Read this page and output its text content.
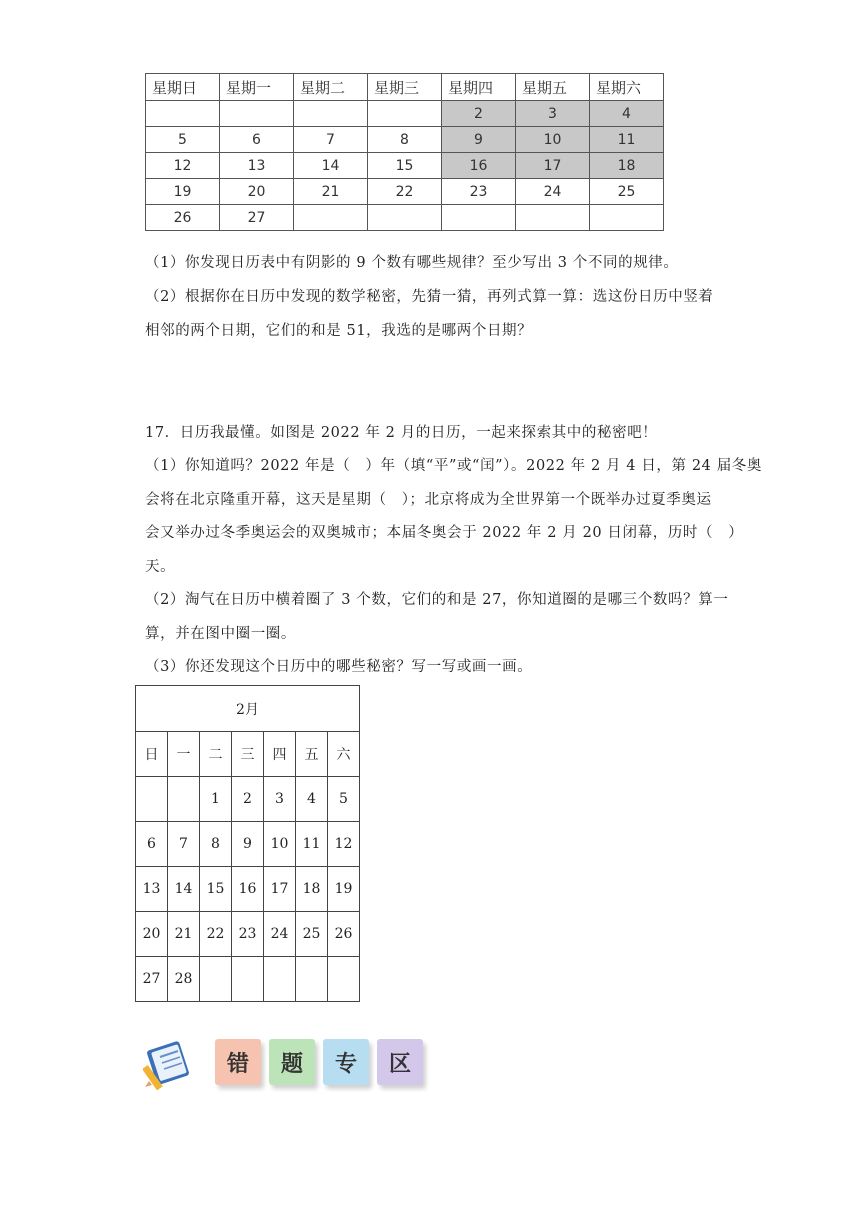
星期日	星期一	星期二	星期三	星期四	星期五	星期六
				2	3	4
5	6	7	8	9	10	11
12	13	14	15	16	17	18
19	20	21	22	23	24	25
26	27					
（1）你发现日历表中有阴影的 9 个数有哪些规律？至少写出 3 个不同的规律。
（2）根据你在日历中发现的数学秘密，先猜一猜，再列式算一算：选这份日历中竖着
相邻的两个日期，它们的和是 51，我选的是哪两个日期？
17．日历我最懂。如图是 2022 年 2 月的日历，一起来探索其中的秘密吧！
（1）你知道吗？2022 年是（　）年（填“平”或“闰”）。2022 年 2 月 4 日，第 24 届冬奥
会将在北京隆重开幕，这天是星期（　）；北京将成为全世界第一个既举办过夏季奥运
会又举办过冬季奥运会的双奥城市；本届冬奥会于 2022 年 2 月 20 日闭幕，历时（　）
天。
（2）淘气在日历中横着圈了 3 个数，它们的和是 27，你知道圈的是哪三个数吗？算一
算，并在图中圈一圈。
（3）你还发现这个日历中的哪些秘密？写一写或画一画。
2月						
日	一	二	三	四	五	六
		1	2	3	4	5
6	7	8	9	10	11	12
13	14	15	16	17	18	19
20	21	22	23	24	25	26
27	28					
错	题	专	区
